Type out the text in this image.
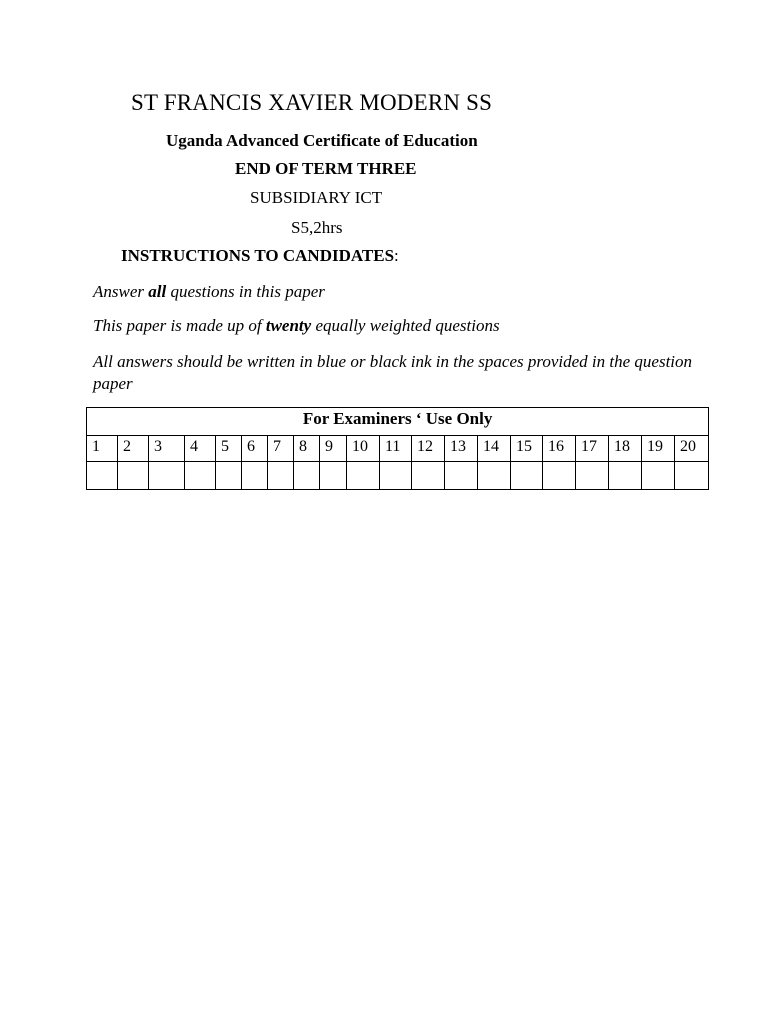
ST FRANCIS XAVIER MODERN SS
Uganda Advanced Certificate of Education
END OF TERM THREE
SUBSIDIARY ICT
S5,2hrs
INSTRUCTIONS TO CANDIDATES:
Answer all questions in this paper
This paper is made up of twenty equally weighted questions
All answers should be written in blue or black ink in the spaces provided in the question paper
For Examiners ‘ Use Only																			
1	2	3	4	5	6	7	8	9	10	11	12	13	14	15	16	17	18	19	20
